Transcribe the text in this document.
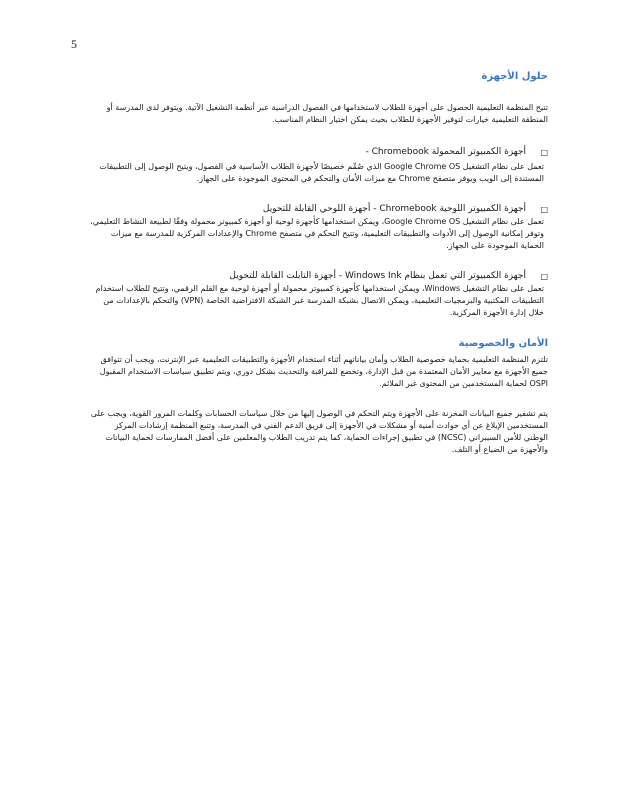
5
حلول الأجهزة

تتيح المنظمة التعليمية الحصول على أجهزة للطلاب لاستخدامها في الفصول الدراسية عبر أنظمة التشغيل الآتية. ويتوفر لدى المدرسة أو المنطقة التعليمية خيارات لتوفير الأجهزة للطلاب بحيث يمكن اختيار النظام المناسب.

□
أجهزة الكمبيوتر المحمولة Chromebook -

تعمل على نظام التشغيل Google Chrome OS الذي صُمِّم خصيصًا لأجهزة الطلاب الأساسية في الفصول، ويتيح الوصول إلى التطبيقات المستندة إلى الويب ويوفر متصفح Chrome مع ميزات الأمان والتحكم في المحتوى الموجودة على الجهاز.

□
أجهزة الكمبيوتر اللوحية Chromebook - أجهزة اللوحي القابلة للتحويل

تعمل على نظام التشغيل Google Chrome OS، ويمكن استخدامها كأجهزة لوحية أو أجهزة كمبيوتر محمولة وفقًا لطبيعة النشاط التعليمي، وتوفر إمكانية الوصول إلى الأدوات والتطبيقات التعليمية، وتتيح التحكم في متصفح Chrome والإعدادات المركزية للمدرسة مع ميزات الحماية الموجودة على الجهاز.

□
أجهزة الكمبيوتر التي تعمل بنظام Windows Ink - أجهزة التابلت القابلة للتحويل

تعمل على نظام التشغيل Windows، ويمكن استخدامها كأجهزة كمبيوتر محمولة أو أجهزة لوحية مع القلم الرقمي، وتتيح للطلاب استخدام التطبيقات المكتبية والبرمجيات التعليمية، ويمكن الاتصال بشبكة المدرسة عبر الشبكة الافتراضية الخاصة (VPN) والتحكم بالإعدادات من خلال إدارة الأجهزة المركزية.

الأمان والخصوصية

تلتزم المنظمة التعليمية بحماية خصوصية الطلاب وأمان بياناتهم أثناء استخدام الأجهزة والتطبيقات التعليمية عبر الإنترنت، ويجب أن تتوافق جميع الأجهزة مع معايير الأمان المعتمدة من قبل الإدارة، وتخضع للمراقبة والتحديث بشكل دوري، ويتم تطبيق سياسات الاستخدام المقبول OSPI لحماية المستخدمين من المحتوى غير الملائم.

يتم تشفير جميع البيانات المخزنة على الأجهزة ويتم التحكم في الوصول إليها من خلال سياسات الحسابات وكلمات المرور القوية، ويجب على المستخدمين الإبلاغ عن أي حوادث أمنية أو مشكلات في الأجهزة إلى فريق الدعم الفني في المدرسة، وتتبع المنظمة إرشادات المركز الوطني للأمن السيبراني (NCSC) في تطبيق إجراءات الحماية، كما يتم تدريب الطلاب والمعلمين على أفضل الممارسات لحماية البيانات والأجهزة من الضياع أو التلف.
